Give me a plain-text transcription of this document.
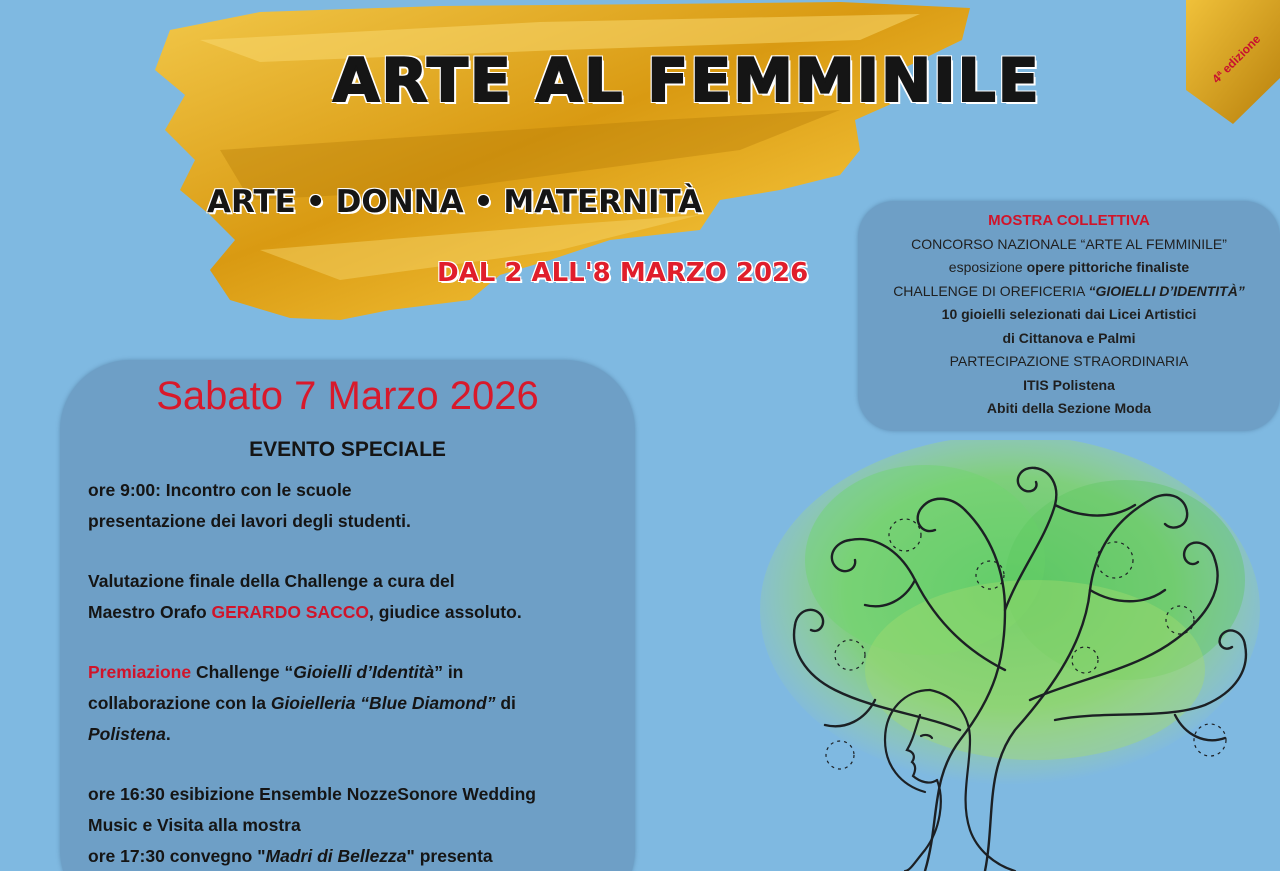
ARTE AL FEMMINILE
ARTE • DONNA • MATERNITÀ
DAL 2 ALL'8 MARZO 2026
4ª edizione
MOSTRA COLLETTIVA
CONCORSO NAZIONALE “ARTE AL FEMMINILE”
esposizione opere pittoriche finaliste
CHALLENGE DI OREFICERIA “GIOIELLI D’IDENTITÀ”
10 gioielli selezionati dai Licei Artistici
di Cittanova e Palmi
PARTECIPAZIONE STRAORDINARIA
ITIS Polistena
Abiti della Sezione Moda
Sabato 7 Marzo 2026
EVENTO SPECIALE
ore 9:00: Incontro con le scuole
presentazione dei lavori degli studenti.
Valutazione finale della Challenge a cura del
Maestro Orafo GERARDO SACCO, giudice assoluto.
Premiazione Challenge “Gioielli d’Identità” in
collaborazione con la Gioielleria “Blue Diamond” di
Polistena.
ore 16:30 esibizione Ensemble NozzeSonore Wedding
Music e Visita alla mostra
ore 17:30 convegno "Madri di Bellezza" presenta
